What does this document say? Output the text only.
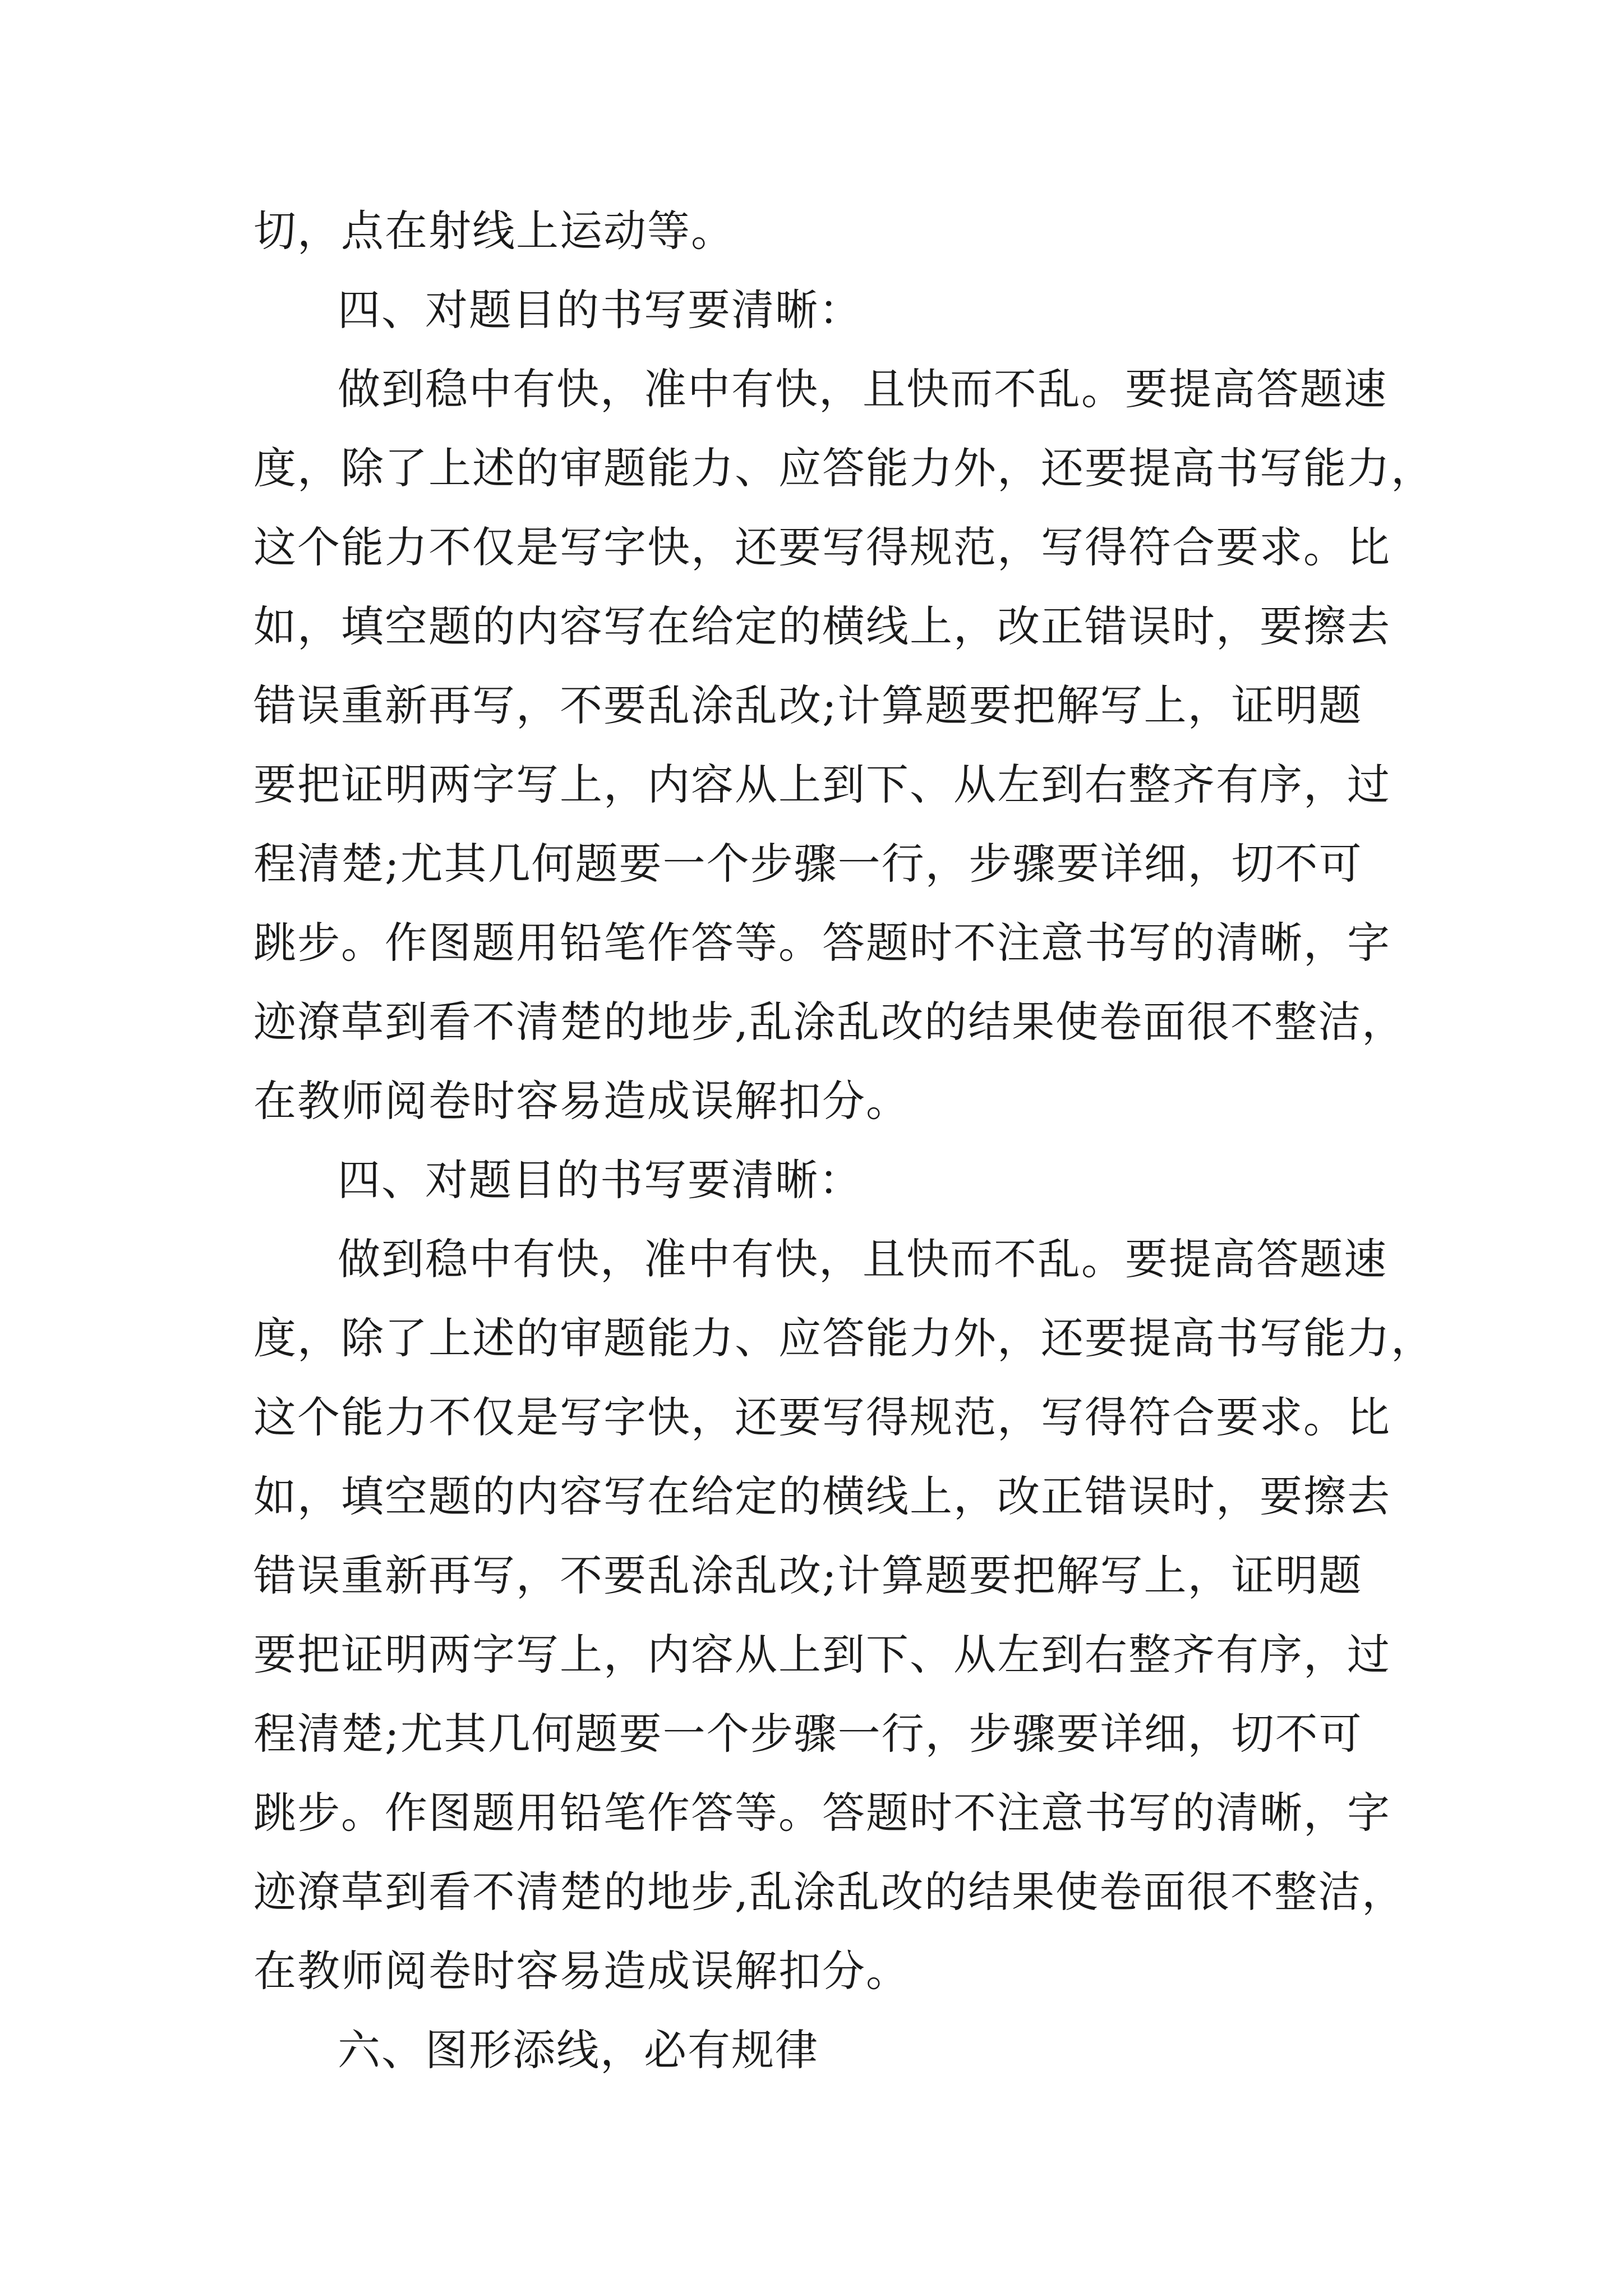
切，点在射线上运动等。
四、对题目的书写要清晰：
做到稳中有快，准中有快，且快而不乱。要提高答题速
度，除了上述的审题能力、应答能力外，还要提高书写能力，
这个能力不仅是写字快，还要写得规范，写得符合要求。比
如，填空题的内容写在给定的横线上，改正错误时，要擦去
错误重新再写，不要乱涂乱改;计算题要把解写上，证明题
要把证明两字写上，内容从上到下、从左到右整齐有序，过
程清楚;尤其几何题要一个步骤一行，步骤要详细，切不可
跳步。作图题用铅笔作答等。答题时不注意书写的清晰，字
迹潦草到看不清楚的地步,乱涂乱改的结果使卷面很不整洁，
在教师阅卷时容易造成误解扣分。
四、对题目的书写要清晰：
做到稳中有快，准中有快，且快而不乱。要提高答题速
度，除了上述的审题能力、应答能力外，还要提高书写能力，
这个能力不仅是写字快，还要写得规范，写得符合要求。比
如，填空题的内容写在给定的横线上，改正错误时，要擦去
错误重新再写，不要乱涂乱改;计算题要把解写上，证明题
要把证明两字写上，内容从上到下、从左到右整齐有序，过
程清楚;尤其几何题要一个步骤一行，步骤要详细，切不可
跳步。作图题用铅笔作答等。答题时不注意书写的清晰，字
迹潦草到看不清楚的地步,乱涂乱改的结果使卷面很不整洁，
在教师阅卷时容易造成误解扣分。
六、图形添线，必有规律
